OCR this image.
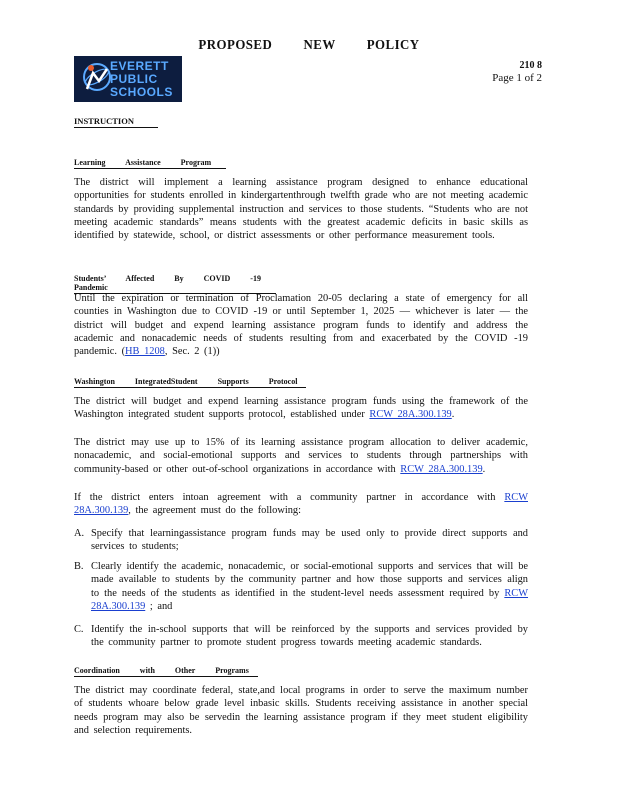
PROPOSED NEW POLICY
210 8
Page 1 of 2
EVERETT
PUBLIC
SCHOOLS
INSTRUCTION
Learning Assistance Program
The district will implement a learning assistance program designed to enhance educational opportunities for students enrolled in kindergartenthrough twelfth grade who are not meeting academic standards by providing supplemental instruction and services to those students. “Students who are not meeting academic standards” means students with the greatest academic deficits in basic skills as identified by statewide, school, or district assessments or other performance measurement tools.
Students’ Affected By COVID -19 Pandemic
Until the expiration or termination of Proclamation 20-05 declaring a state of emergency for all counties in Washington due to COVID -19 or until September 1, 2025 — whichever is later — the district will budget and expend learning assistance program funds to identify and address the academic and nonacademic needs of students resulting from and exacerbated by the COVID -19 pandemic. (HB 1208, Sec. 2 (1))
Washington IntegratedStudent Supports Protocol
The district will budget and expend learning assistance program funds using the framework of the Washington integrated student supports protocol, established under RCW 28A.300.139.
The district may use up to 15% of its learning assistance program allocation to deliver academic, nonacademic, and social-emotional supports and services to students through partnerships with community-based or other out-of-school organizations in accordance with RCW 28A.300.139.
If the district enters intoan agreement with a community partner in accordance with RCW 28A.300.139, the agreement must do the following:
A. Specify that learningassistance program funds may be used only to provide direct supports and services to students;
B. Clearly identify the academic, nonacademic, or social-emotional supports and services that will be made available to students by the community partner and how those supports and services align to the needs of the students as identified in the student-level needs assessment required by RCW 28A.300.139 ; and
C. Identify the in-school supports that will be reinforced by the supports and services provided by the community partner to promote student progress towards meeting academic standards.
Coordination with Other Programs
The district may coordinate federal, state,and local programs in order to serve the maximum number of students whoare below grade level inbasic skills. Students receiving assistance in another special needs program may also be servedin the learning assistance program if they meet student eligibility and selection requirements.
